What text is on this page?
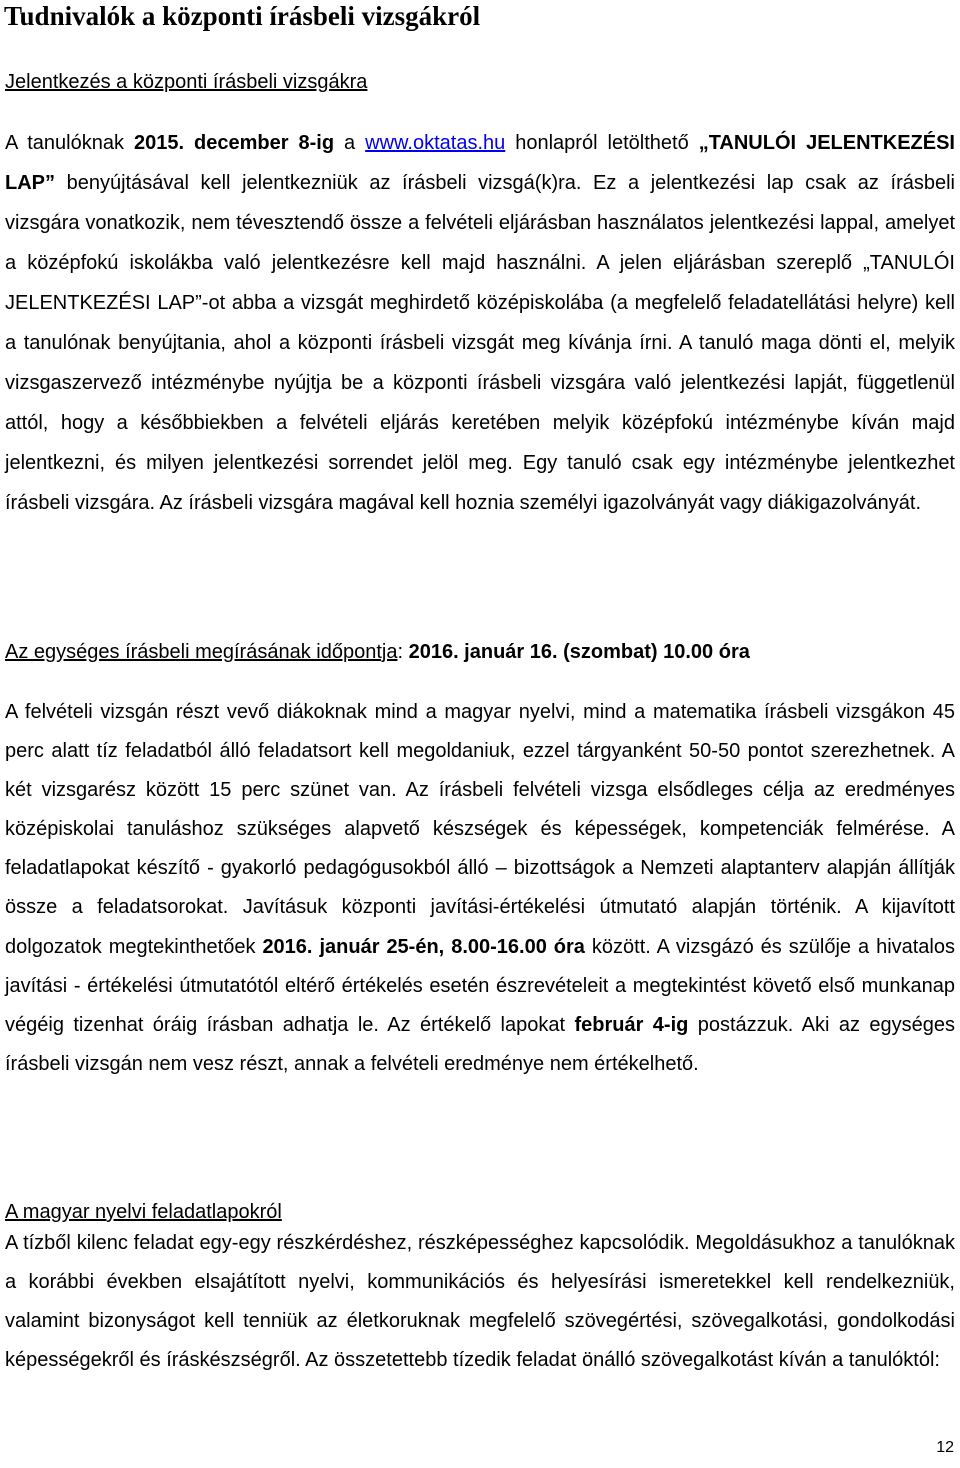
Tudnivalók a központi írásbeli vizsgákról

Jelentkezés a központi írásbeli vizsgákra

A tanulóknak 2015. december 8-ig a www.oktatas.hu honlapról letölthető „TANULÓI JELENTKEZÉSI LAP” benyújtásával kell jelentkezniük az írásbeli vizsgá(k)ra. Ez a jelentkezési lap csak az írásbeli vizsgára vonatkozik, nem tévesztendő össze a felvételi eljárásban használatos jelentkezési lappal, amelyet a középfokú iskolákba való jelentkezésre kell majd használni. A jelen eljárásban szereplő „TANULÓI JELENTKEZÉSI LAP”-ot abba a vizsgát meghirdető középiskolába (a megfelelő feladatellátási helyre) kell a tanulónak benyújtania, ahol a központi írásbeli vizsgát meg kívánja írni. A tanuló maga dönti el, melyik vizsgaszervező intézménybe nyújtja be a központi írásbeli vizsgára való jelentkezési lapját, függetlenül attól, hogy a későbbiekben a felvételi eljárás keretében melyik középfokú intézménybe kíván majd jelentkezni, és milyen jelentkezési sorrendet jelöl meg. Egy tanuló csak egy intézménybe jelentkezhet írásbeli vizsgára. Az írásbeli vizsgára magával kell hoznia személyi igazolványát vagy diákigazolványát.

Az egységes írásbeli megírásának időpontja: 2016. január 16. (szombat) 10.00 óra

A felvételi vizsgán részt vevő diákoknak mind a magyar nyelvi, mind a matematika írásbeli vizsgákon 45 perc alatt tíz feladatból álló feladatsort kell megoldaniuk, ezzel tárgyanként 50-50 pontot szerezhetnek. A két vizsgarész között 15 perc szünet van. Az írásbeli felvételi vizsga elsődleges célja az eredményes középiskolai tanuláshoz szükséges alapvető készségek és képességek, kompetenciák felmérése. A feladatlapokat készítő - gyakorló pedagógusokból álló – bizottságok a Nemzeti alaptanterv alapján állítják össze a feladatsorokat. Javításuk központi javítási-értékelési útmutató alapján történik. A kijavított dolgozatok megtekinthetőek 2016. január 25-én, 8.00-16.00 óra között. A vizsgázó és szülője a hivatalos javítási - értékelési útmutatótól eltérő értékelés esetén észrevételeit a megtekintést követő első munkanap végéig tizenhat óráig írásban adhatja le. Az értékelő lapokat február 4-ig postázzuk. Aki az egységes írásbeli vizsgán nem vesz részt, annak a felvételi eredménye nem értékelhető.

A magyar nyelvi feladatlapokról

A tízből kilenc feladat egy-egy részkérdéshez, részképességhez kapcsolódik. Megoldásukhoz a tanulóknak a korábbi években elsajátított nyelvi, kommunikációs és helyesírási ismeretekkel kell rendelkezniük, valamint bizonyságot kell tenniük az életkoruknak megfelelő szövegértési, szövegalkotási, gondolkodási képességekről és íráskészségről. Az összetettebb tízedik feladat önálló szövegalkotást kíván a tanulóktól:

12
